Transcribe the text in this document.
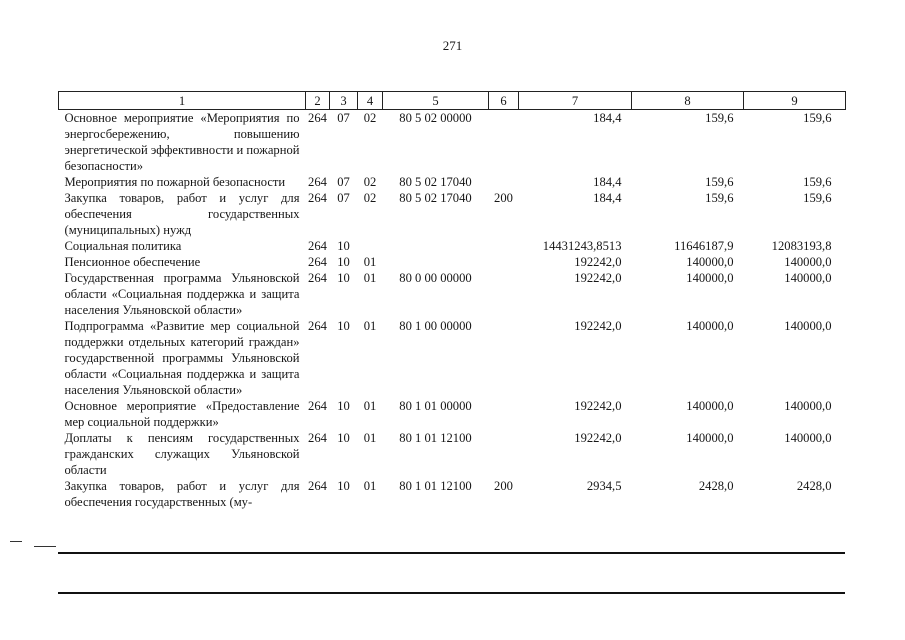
271
1	2	3	4	5	6	7	8	9
Основное мероприятие «Мероприятия по энергосбережению, повышению энергетической эффективности и пожарной безопасности»	264	07	02	80 5 02 00000		184,4	159,6	159,6
Мероприятия по пожарной безопасности	264	07	02	80 5 02 17040		184,4	159,6	159,6
Закупка товаров, работ и услуг для обеспечения государственных (муниципальных) нужд	264	07	02	80 5 02 17040	200	184,4	159,6	159,6
Социальная политика	264	10				14431243,8513	11646187,9	12083193,8
Пенсионное обеспечение	264	10	01			192242,0	140000,0	140000,0
Государственная программа Ульяновской области «Социальная поддержка и защита населения Ульяновской области»	264	10	01	80 0 00 00000		192242,0	140000,0	140000,0
Подпрограмма «Развитие мер социальной поддержки отдельных категорий граждан» государственной программы Ульяновской области «Социальная поддержка и защита населения Ульяновской области»	264	10	01	80 1 00 00000		192242,0	140000,0	140000,0
Основное мероприятие «Предоставление мер социальной поддержки»	264	10	01	80 1 01 00000		192242,0	140000,0	140000,0
Доплаты к пенсиям государственных гражданских служащих Ульяновской области	264	10	01	80 1 01 12100		192242,0	140000,0	140000,0
Закупка товаров, работ и услуг для обеспечения государственных (му-	264	10	01	80 1 01 12100	200	2934,5	2428,0	2428,0
